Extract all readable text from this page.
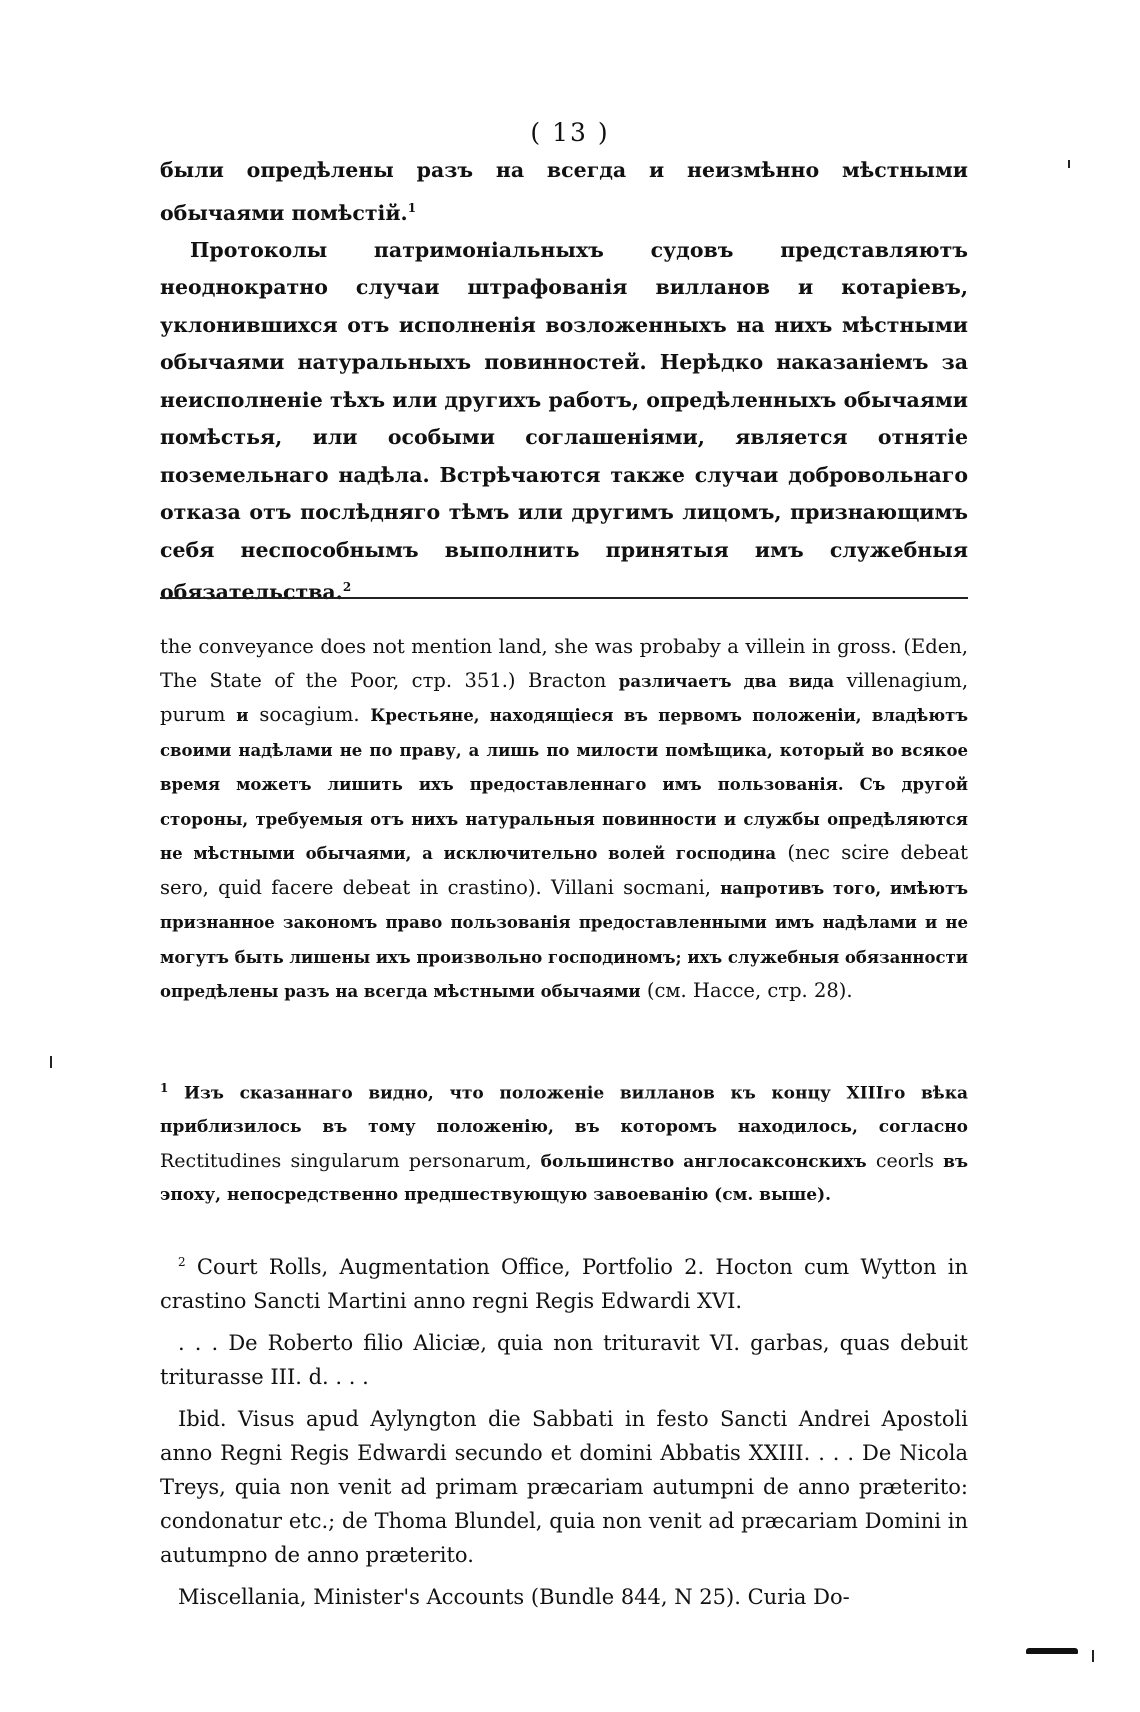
( 13 )

были опредѣлены разъ на всегда и неизмѣнно мѣстными обычаями помѣстій.$^1$

Протоколы патримоніальныхъ судовъ представляютъ неоднократно случаи штрафованія вилланов и котаріевъ, уклонившихся отъ исполненія возложенныхъ на нихъ мѣстными обычаями натуральныхъ повинностей. Нерѣдко наказаніемъ за неисполненіе тѣхъ или другихъ работъ, опредѣленныхъ обычаями помѣстья, или особыми соглашеніями, является отнятіе поземельнаго надѣла. Встрѣчаются также случаи добровольнаго отказа отъ послѣдняго тѣмъ или другимъ лицомъ, признающимъ себя неспособнымъ выполнить принятыя имъ служебныя обязательства.$^2$

the conveyance does not mention land, she was probaby a villein in gross. (Eden, The State of the Poor, стр. 351.) Bracton различаетъ два вида villenagium, purum и socagium. Крестьяне, находящіеся въ первомъ положеніи, владѣютъ своими надѣлами не по праву, а лишь по милости помѣщика, который во всякое время можетъ лишить ихъ предоставленнаго имъ пользованія. Съ другой стороны, требуемыя отъ нихъ натуральныя повинности и службы опредѣляются не мѣстными обычаями, а исключительно волей господина (nec scire debeat sero, quid facere debeat in crastino). Villani socmani, напротивъ того, имѣютъ признанное закономъ право пользованія предоставленными имъ надѣлами и не могутъ быть лишены ихъ произвольно господиномъ; ихъ служебныя обязанности опредѣлены разъ на всегда мѣстными обычаями (см. Нассе, стр. 28).
$^1$ Изъ сказаннаго видно, что положеніе вилланов къ концу XIIIго вѣка приблизилось въ тому положенію, въ которомъ находилось, согласно Rectitudines singularum personarum, большинство англосаксонскихъ ceorls въ эпоху, непосредственно предшествующую завоеванію (см. выше).

$^2$ Court Rolls, Augmentation Office, Portfolio 2. Hocton cum Wytton in crastino Sancti Martini anno regni Regis Edwardi XVI.

. . . De Roberto filio Aliciæ, quia non trituravit VI. garbas, quas debuit triturasse III. d. . . .

Ibid. Visus apud Aylyngton die Sabbati in festo Sancti Andrei Apostoli anno Regni Regis Edwardi secundo et domini Abbatis XXIII. . . . De Nicola Treys, quia non venit ad primam præcariam autumpni de anno præterito: condonatur etc.; de Thoma Blundel, quia non venit ad præcariam Domini in autumpno de anno præterito.

Miscellania, Minister's Accounts (Bundle 844, N 25). Curia Do-
